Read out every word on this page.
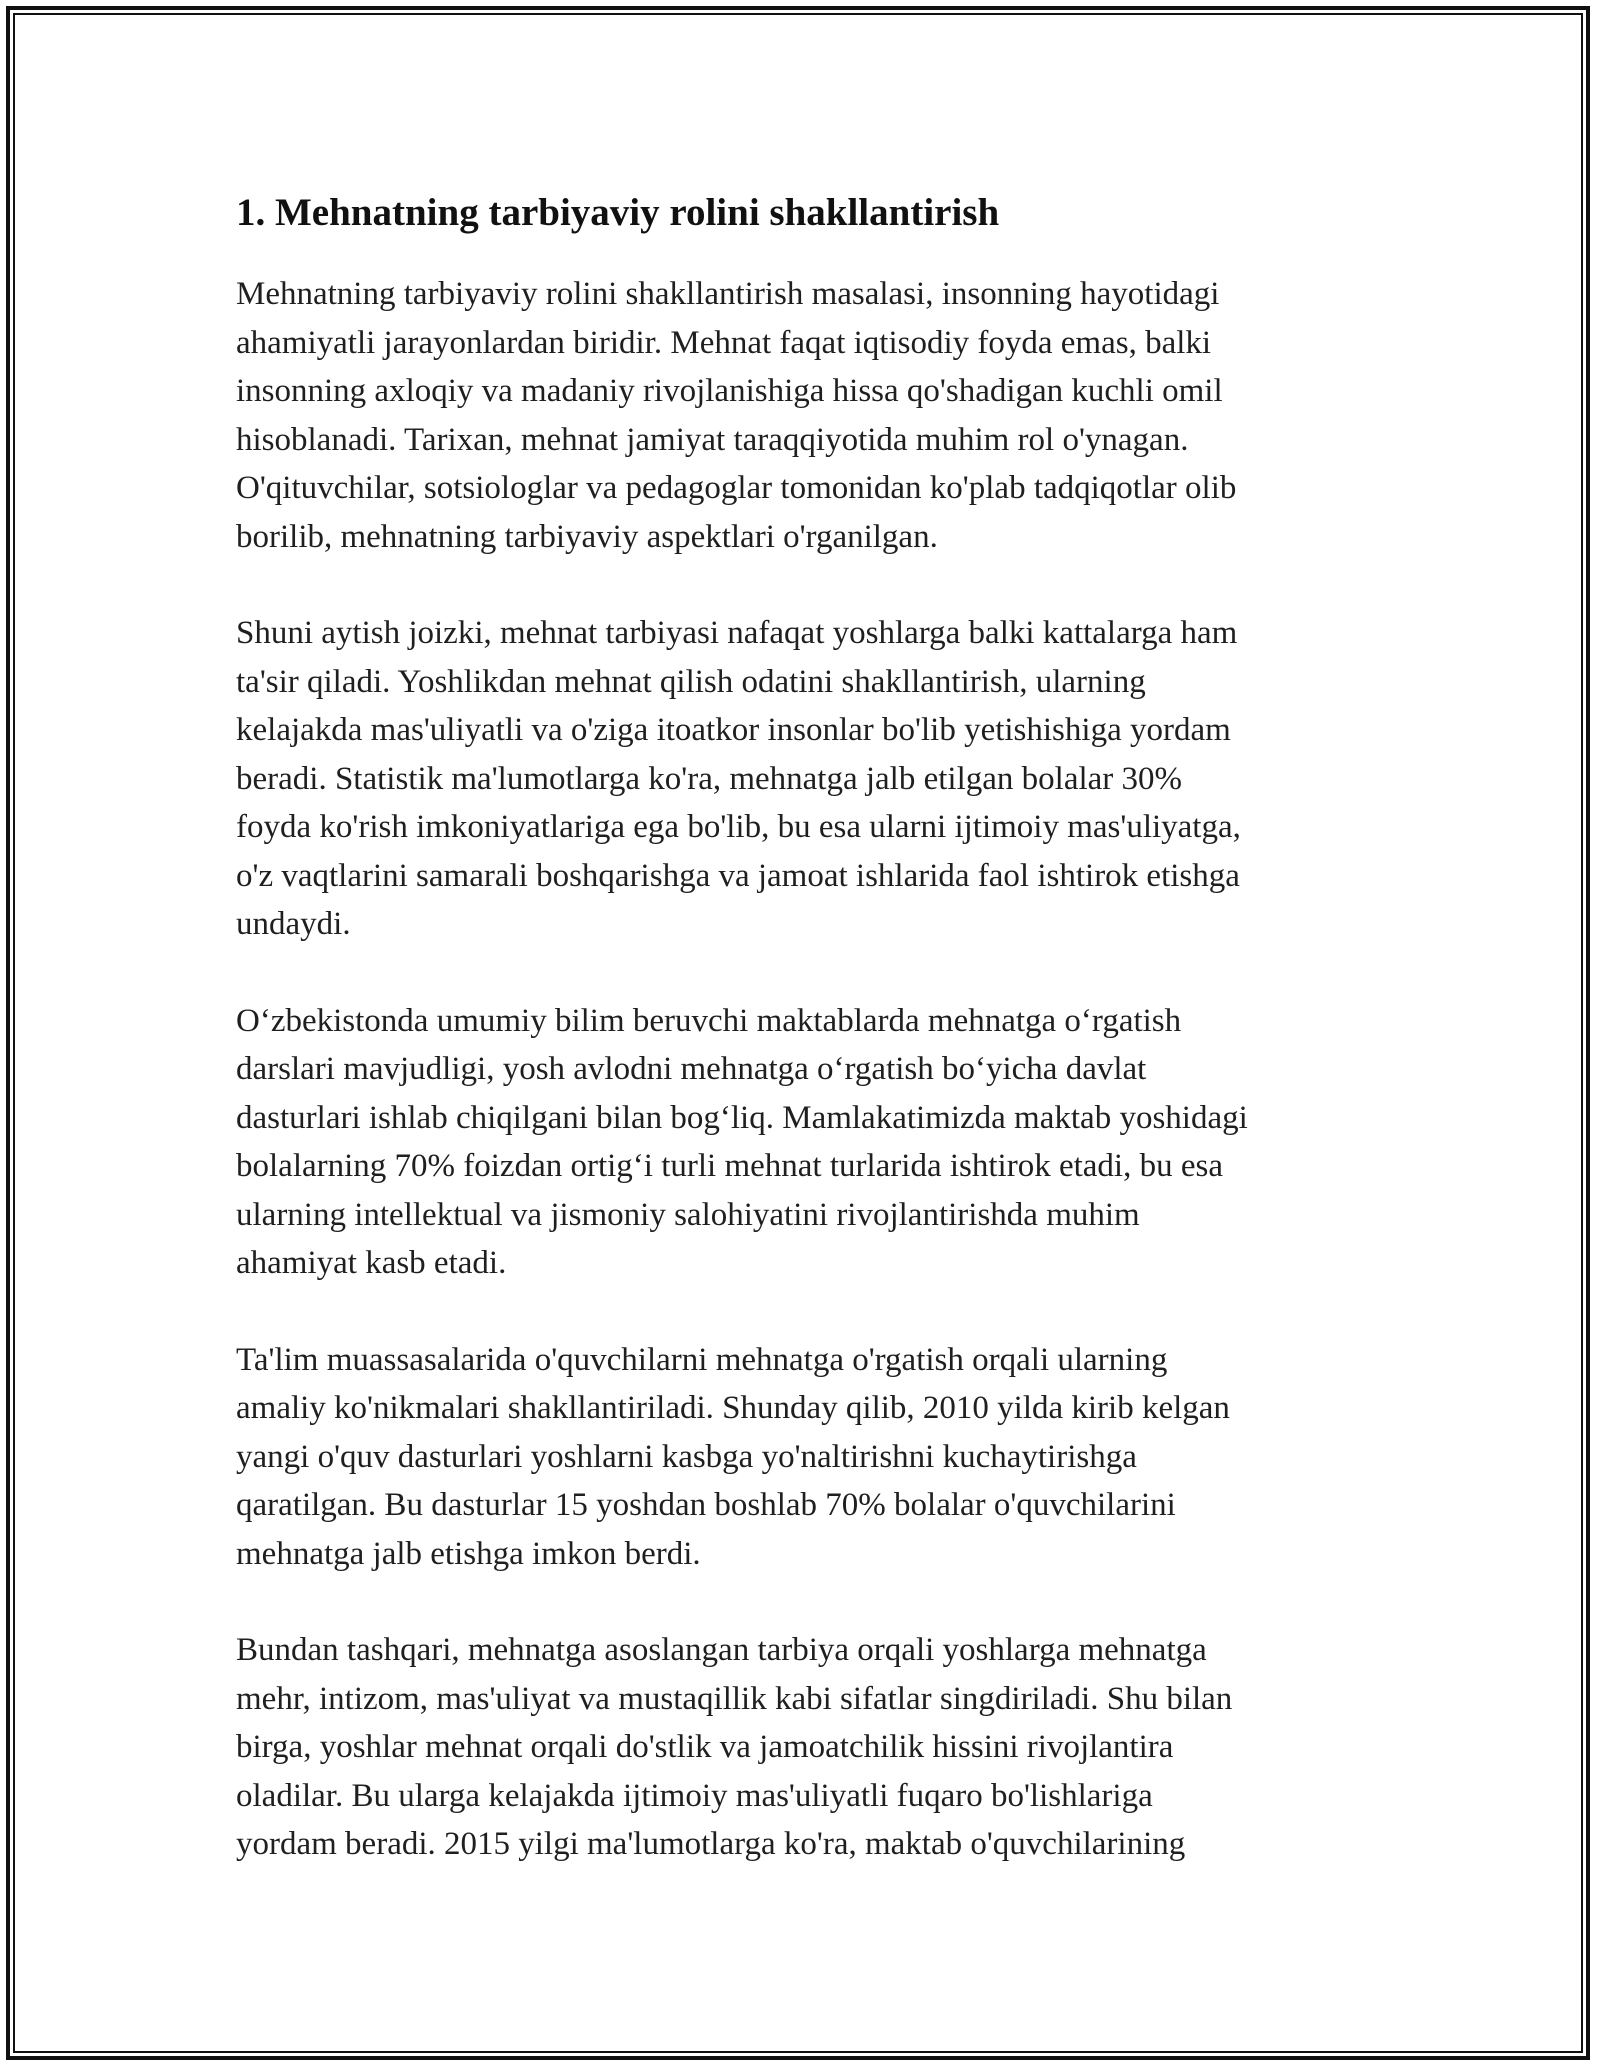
1. Mehnatning tarbiyaviy rolini shakllantirish

Mehnatning tarbiyaviy rolini shakllantirish masalasi, insonning hayotidagi
ahamiyatli jarayonlardan biridir. Mehnat faqat iqtisodiy foyda emas, balki
insonning axloqiy va madaniy rivojlanishiga hissa qo'shadigan kuchli omil
hisoblanadi. Tarixan, mehnat jamiyat taraqqiyotida muhim rol o'ynagan.
O'qituvchilar, sotsiologlar va pedagoglar tomonidan ko'plab tadqiqotlar olib
borilib, mehnatning tarbiyaviy aspektlari o'rganilgan.

Shuni aytish joizki, mehnat tarbiyasi nafaqat yoshlarga balki kattalarga ham
ta'sir qiladi. Yoshlikdan mehnat qilish odatini shakllantirish, ularning
kelajakda mas'uliyatli va o'ziga itoatkor insonlar bo'lib yetishishiga yordam
beradi. Statistik ma'lumotlarga ko'ra, mehnatga jalb etilgan bolalar 30%
foyda ko'rish imkoniyatlariga ega bo'lib, bu esa ularni ijtimoiy mas'uliyatga,
o'z vaqtlarini samarali boshqarishga va jamoat ishlarida faol ishtirok etishga
undaydi.

O‘zbekistonda umumiy bilim beruvchi maktablarda mehnatga o‘rgatish
darslari mavjudligi, yosh avlodni mehnatga o‘rgatish bo‘yicha davlat
dasturlari ishlab chiqilgani bilan bog‘liq. Mamlakatimizda maktab yoshidagi
bolalarning 70% foizdan ortig‘i turli mehnat turlarida ishtirok etadi, bu esa
ularning intellektual va jismoniy salohiyatini rivojlantirishda muhim
ahamiyat kasb etadi.

Ta'lim muassasalarida o'quvchilarni mehnatga o'rgatish orqali ularning
amaliy ko'nikmalari shakllantiriladi. Shunday qilib, 2010 yilda kirib kelgan
yangi o'quv dasturlari yoshlarni kasbga yo'naltirishni kuchaytirishga
qaratilgan. Bu dasturlar 15 yoshdan boshlab 70% bolalar o'quvchilarini
mehnatga jalb etishga imkon berdi.

Bundan tashqari, mehnatga asoslangan tarbiya orqali yoshlarga mehnatga
mehr, intizom, mas'uliyat va mustaqillik kabi sifatlar singdiriladi. Shu bilan
birga, yoshlar mehnat orqali do'stlik va jamoatchilik hissini rivojlantira
oladilar. Bu ularga kelajakda ijtimoiy mas'uliyatli fuqaro bo'lishlariga
yordam beradi. 2015 yilgi ma'lumotlarga ko'ra, maktab o'quvchilarining
